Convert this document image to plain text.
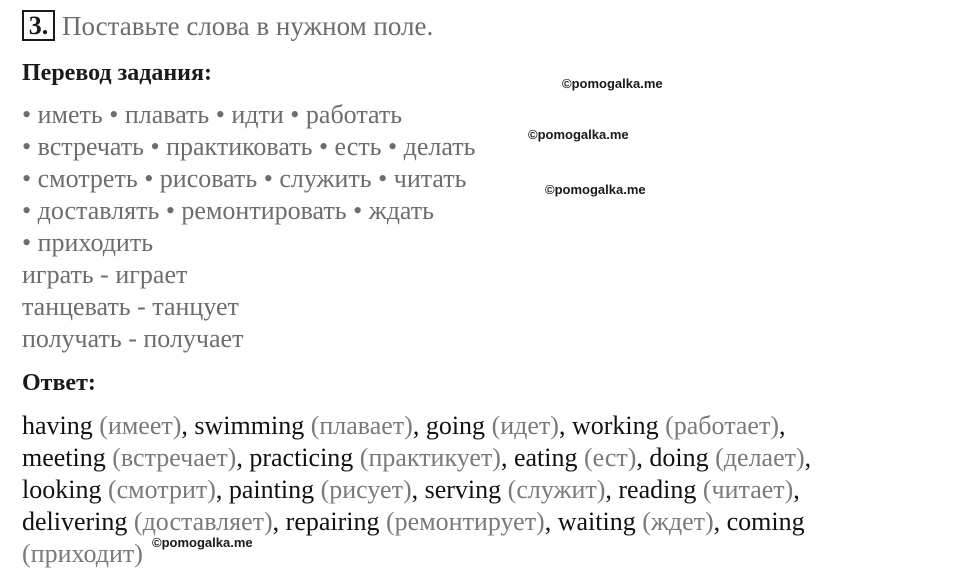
3. Поставьте слова в нужном поле.
Перевод задания:
• иметь • плавать • идти • работать
• встречать • практиковать • есть • делать
• смотреть • рисовать • служить • читать
• доставлять • ремонтировать • ждать
• приходить
играть - играет
танцевать - танцует
получать - получает
Ответ:
having (имеет), swimming (плавает), going (идет), working (работает),
meeting (встречает), practicing (практикует), eating (ест), doing (делает),
looking (смотрит), painting (рисует), serving (служит), reading (читает),
delivering (доставляет), repairing (ремонтирует), waiting (ждет), coming
(приходит)
©pomogalka.me
©pomogalka.me
©pomogalka.me
©pomogalka.me
